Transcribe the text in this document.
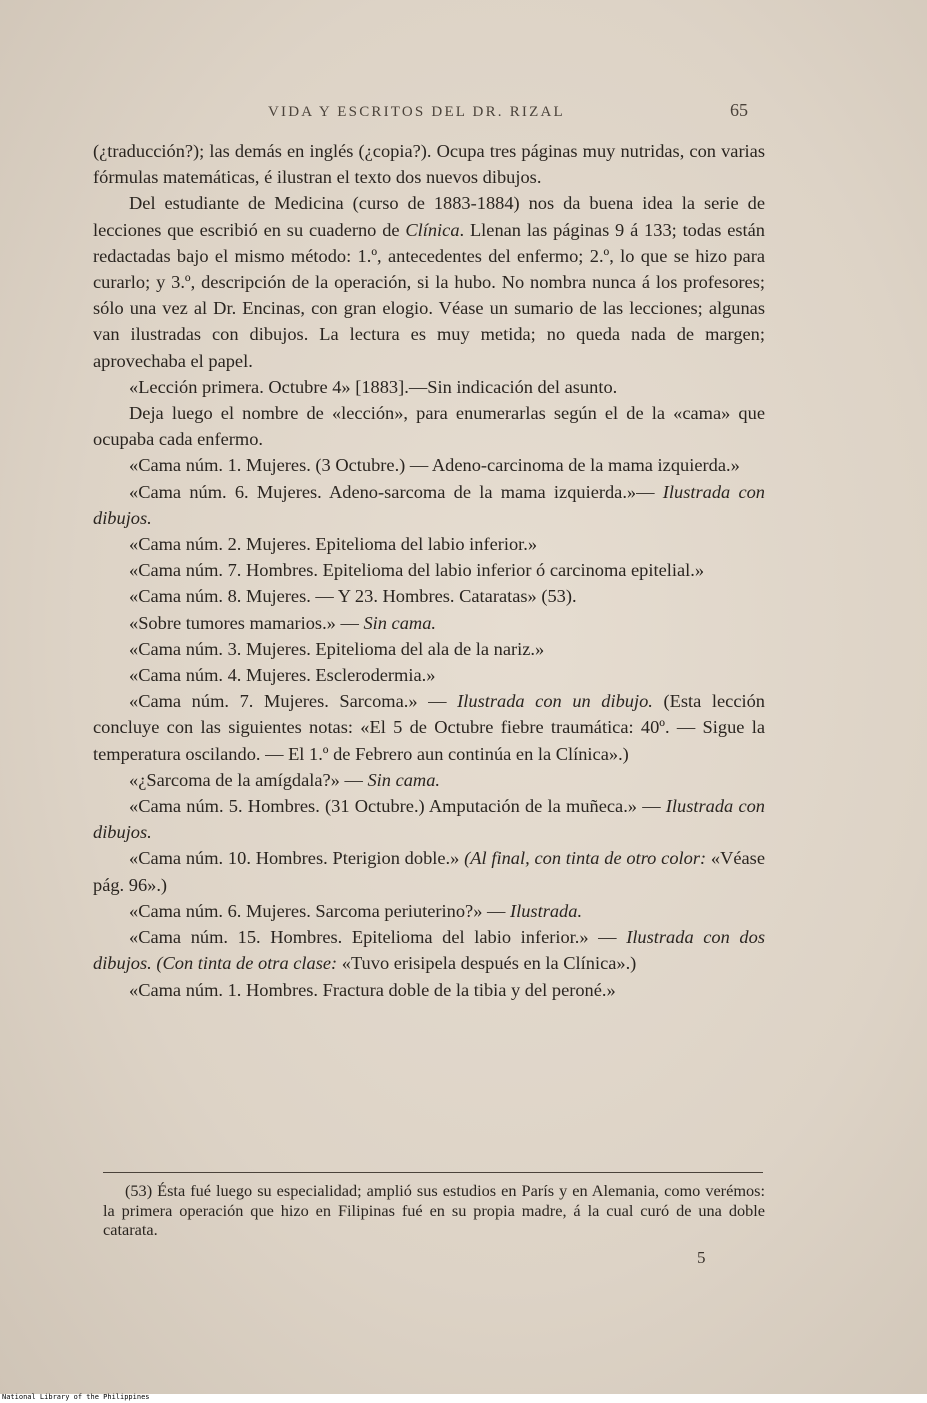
VIDA Y ESCRITOS DEL DR. RIZAL	65

(¿traducción?); las demás en inglés (¿copia?). Ocupa tres páginas muy nutridas, con varias fórmulas matemáticas, é ilustran el texto dos nuevos dibujos.

Del estudiante de Medicina (curso de 1883-1884) nos da buena idea la serie de lecciones que escribió en su cuaderno de Clínica. Llenan las páginas 9 á 133; todas están redactadas bajo el mismo método: 1.º, antecedentes del enfermo; 2.º, lo que se hizo para curarlo; y 3.º, descripción de la operación, si la hubo. No nombra nunca á los profesores; sólo una vez al Dr. Encinas, con gran elogio. Véase un sumario de las lecciones; algunas van ilustradas con dibujos. La lectura es muy metida; no queda nada de margen; aprovechaba el papel.

«Lección primera. Octubre 4» [1883].—Sin indicación del asunto.

Deja luego el nombre de «lección», para enumerarlas según el de la «cama» que ocupaba cada enfermo.

«Cama núm. 1. Mujeres. (3 Octubre.) — Adeno-carcinoma de la mama izquierda.»

«Cama núm. 6. Mujeres. Adeno-sarcoma de la mama izquierda.»— Ilustrada con dibujos.

«Cama núm. 2. Mujeres. Epitelioma del labio inferior.»

«Cama núm. 7. Hombres. Epitelioma del labio inferior ó carcinoma epitelial.»

«Cama núm. 8. Mujeres. — Y 23. Hombres. Cataratas» (53).

«Sobre tumores mamarios.» — Sin cama.

«Cama núm. 3. Mujeres. Epitelioma del ala de la nariz.»

«Cama núm. 4. Mujeres. Esclerodermia.»

«Cama núm. 7. Mujeres. Sarcoma.» — Ilustrada con un dibujo. (Esta lección concluye con las siguientes notas: «El 5 de Octubre fiebre traumática: 40º. — Sigue la temperatura oscilando. — El 1.º de Febrero aun continúa en la Clínica».)

«¿Sarcoma de la amígdala?» — Sin cama.

«Cama núm. 5. Hombres. (31 Octubre.) Amputación de la muñeca.» — Ilustrada con dibujos.

«Cama núm. 10. Hombres. Pterigion doble.» (Al final, con tinta de otro color: «Véase pág. 96».)

«Cama núm. 6. Mujeres. Sarcoma periuterino?» — Ilustrada.

«Cama núm. 15. Hombres. Epitelioma del labio inferior.» — Ilustrada con dos dibujos. (Con tinta de otra clase: «Tuvo erisipela después en la Clínica».)

«Cama núm. 1. Hombres. Fractura doble de la tibia y del peroné.»

(53) Ésta fué luego su especialidad; amplió sus estudios en París y en Alemania, como verémos: la primera operación que hizo en Filipinas fué en su propia madre, á la cual curó de una doble catarata.

5
National Library of the Philippines
